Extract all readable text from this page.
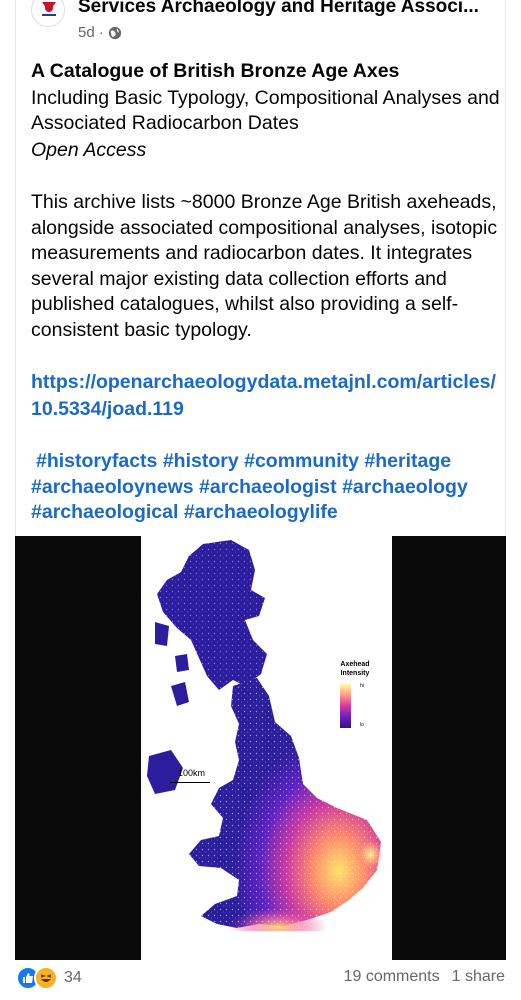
Services Archaeology and Heritage Associ...
5d ·
A Catalogue of British Bronze Age Axes
Including Basic Typology, Compositional Analyses and Associated Radiocarbon Dates
Open Access
This archive lists ~8000 Bronze Age British axeheads, alongside associated compositional analyses, isotopic measurements and radiocarbon dates. It integrates several major existing data collection efforts and published catalogues, whilst also providing a self-consistent basic typology.
https://openarchaeologydata.metajnl.com/articles/10.5334/joad.119
#historyfacts #history #community #heritage #archaeoloynews #archaeologist #archaeology #archaeological #archaeologylife
100km
Axehead
Intensity
hi
lo
34	19 comments 1 share
